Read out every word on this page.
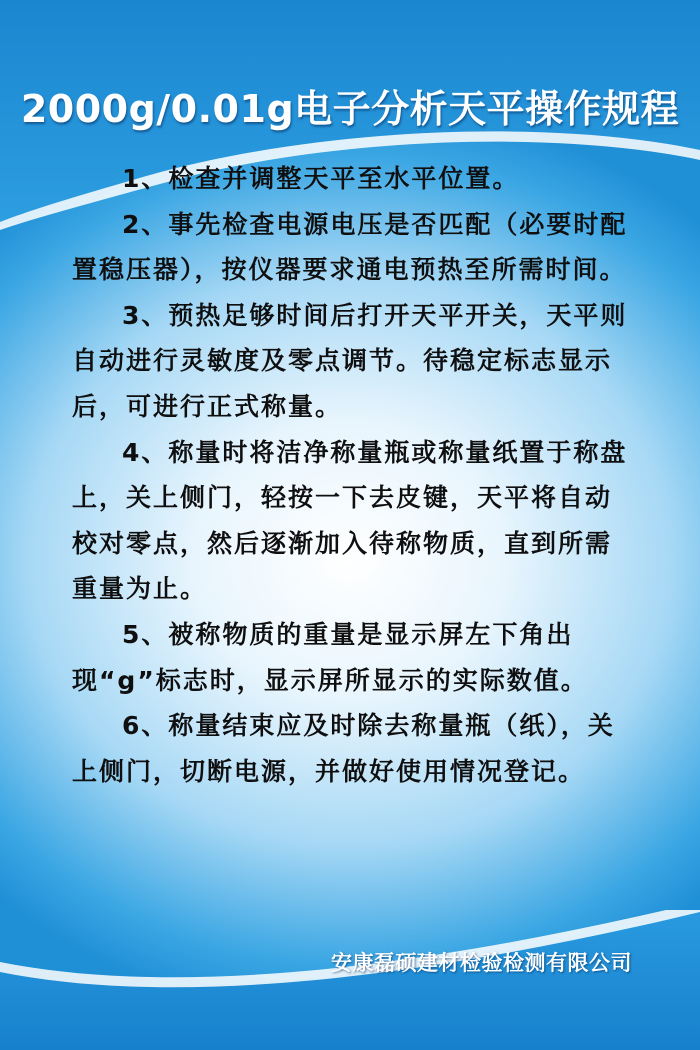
2000g/0.01g电子分析天平操作规程

1、检查并调整天平至水平位置。

2、事先检查电源电压是否匹配（必要时配置稳压器），按仪器要求通电预热至所需时间。

3、预热足够时间后打开天平开关，天平则自动进行灵敏度及零点调节。待稳定标志显示后，可进行正式称量。

4、称量时将洁净称量瓶或称量纸置于称盘上，关上侧门，轻按一下去皮键，天平将自动校对零点，然后逐渐加入待称物质，直到所需重量为止。

5、被称物质的重量是显示屏左下角出现“g”标志时，显示屏所显示的实际数值。

6、称量结束应及时除去称量瓶（纸），关上侧门，切断电源，并做好使用情况登记。

安康磊硕建材检验检测有限公司
